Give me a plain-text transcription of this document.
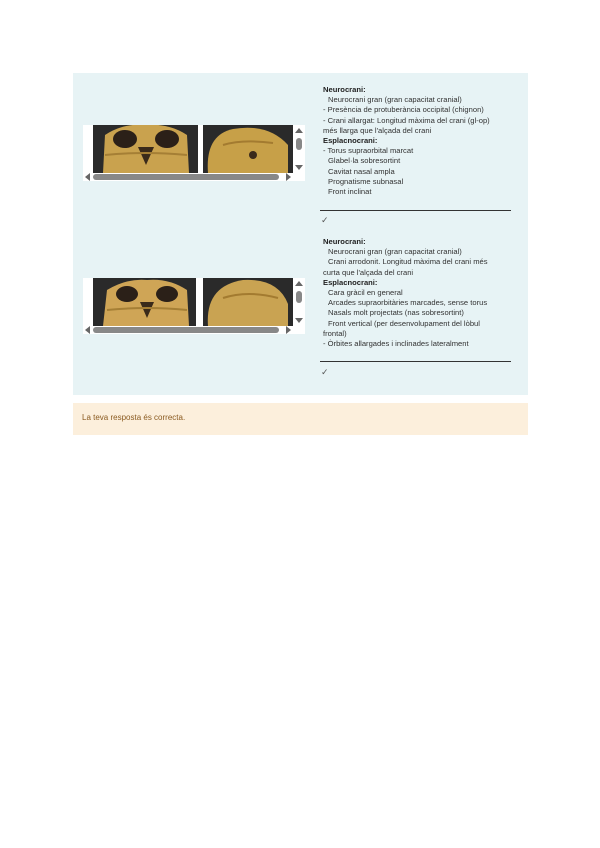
Neurocrani:
Neurocrani gran (gran capacitat cranial)
- Presència de protuberància occipital (chignon)
- Crani allargat: Longitud màxima del crani (gl-op)
més llarga que l'alçada del crani
Esplacnocrani:
- Torus supraorbital marcat
Glabel·la sobresortint
Cavitat nasal ampla
Prognatisme subnasal
Front inclinat
✓
Neurocrani:
Neurocrani gran (gran capacitat cranial)
Crani arrodonit. Longitud màxima del crani més
curta que l'alçada del crani
Esplacnocrani:
Cara gràcil en general
Arcades supraorbitàries marcades, sense torus
Nasals molt projectats (nas sobresortint)
Front vertical (per desenvolupament del lòbul
frontal)
- Òrbites allargades i inclinades lateralment
✓
La teva resposta és correcta.
